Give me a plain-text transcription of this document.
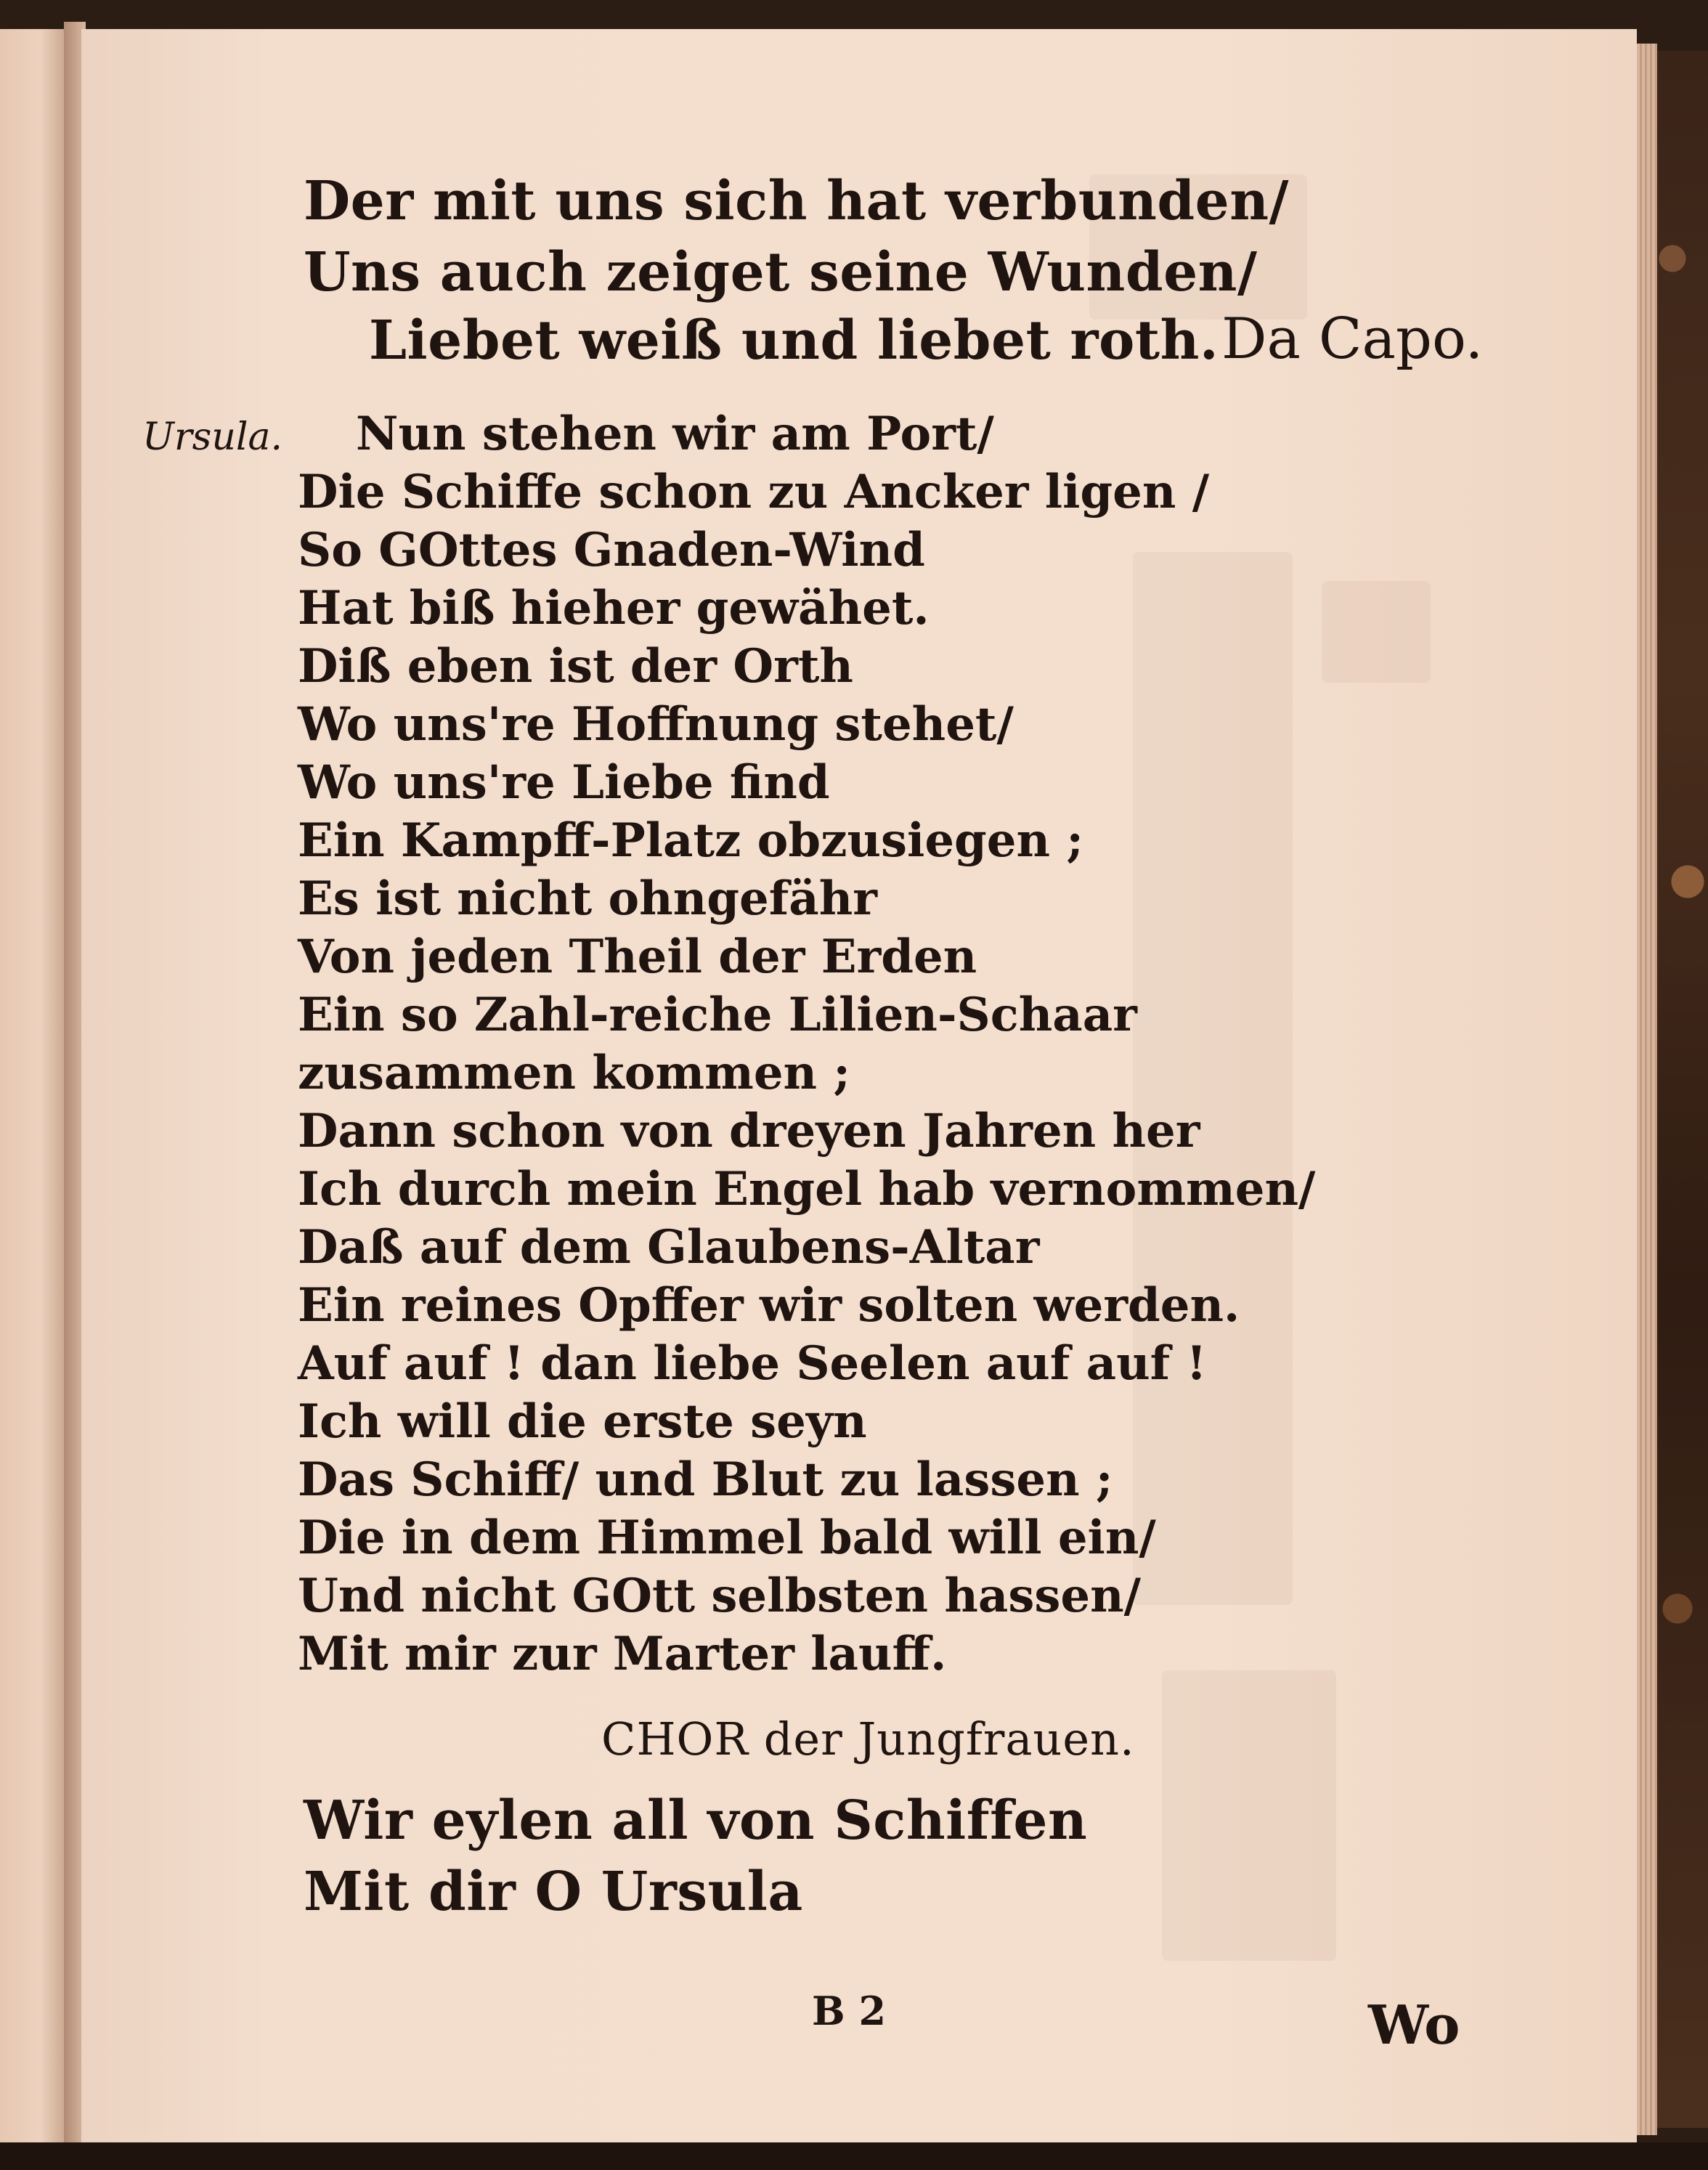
Der mit uns sich hat verbunden/
Uns auch zeiget seine Wunden/
Liebet weiß und liebet roth. Da Capo.
Ursula. Nun stehen wir am Port/
Die Schiffe schon zu Ancker ligen /
So GOttes Gnaden-Wind
Hat biß hieher gewähet.
Diß eben ist der Orth
Wo uns're Hoffnung stehet/
Wo uns're Liebe find
Ein Kampff-Platz obzusiegen ;
Es ist nicht ohngefähr
Von jeden Theil der Erden
Ein so Zahl-reiche Lilien-Schaar
zusammen kommen ;
Dann schon von dreyen Jahren her
Ich durch mein Engel hab vernommen/
Daß auf dem Glaubens-Altar
Ein reines Opffer wir solten werden.
Auf auf ! dan liebe Seelen auf auf !
Ich will die erste seyn
Das Schiff/ und Blut zu lassen ;
Die in dem Himmel bald will ein/
Und nicht GOtt selbsten hassen/
Mit mir zur Marter lauff.
CHOR der Jungfrauen.
Wir eylen all von Schiffen
Mit dir O Ursula
B 2	Wo
